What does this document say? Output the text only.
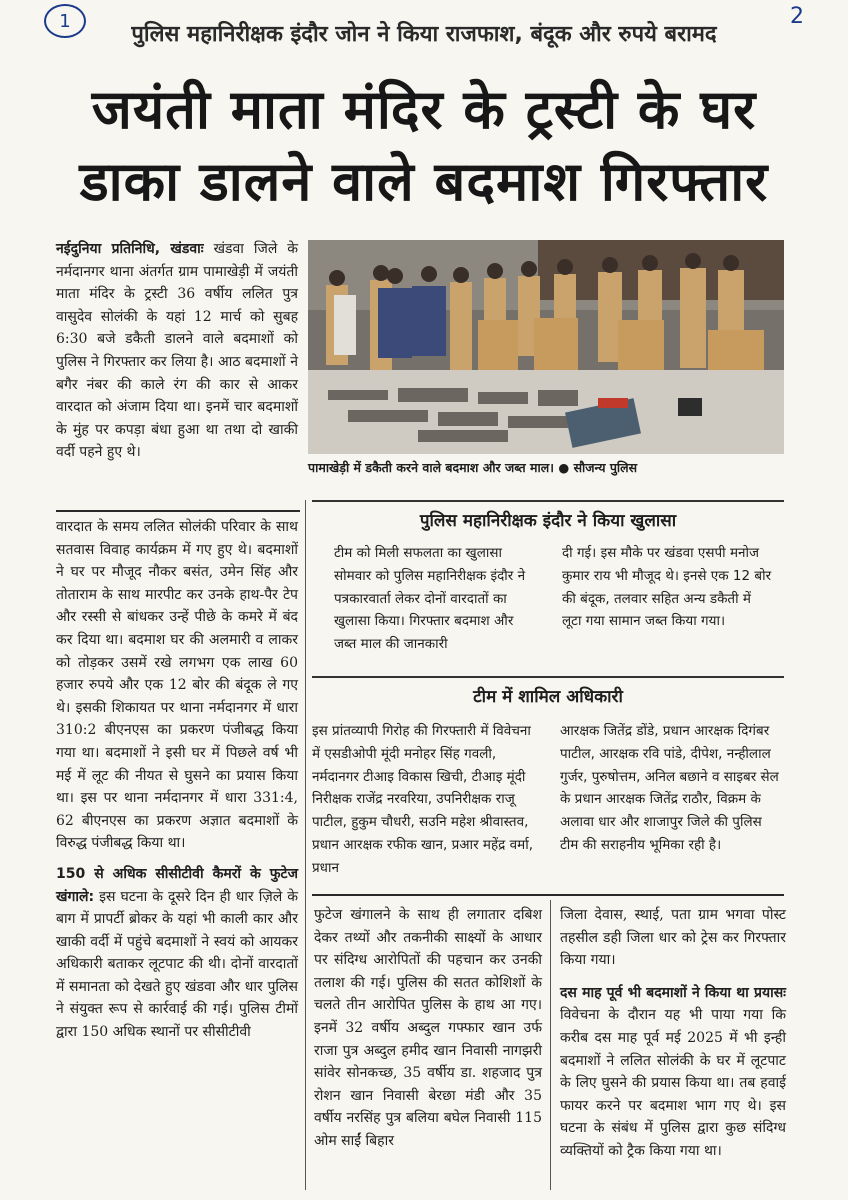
1	2
पुलिस महानिरीक्षक इंदौर जोन ने किया राजफाश, बंदूक और रुपये बरामद
जयंती माता मंदिर के ट्रस्टी के घर
डाका डालने वाले बदमाश गिरफ्तार
नईदुनिया प्रतिनिधि, खंडवाः खंडवा जिले के नर्मदानगर थाना अंतर्गत ग्राम पामाखेड़ी में जयंती माता मंदिर के ट्रस्टी 36 वर्षीय ललित पुत्र वासुदेव सोलंकी के यहां 12 मार्च को सुबह 6:30 बजे डकैती डालने वाले बदमाशों को पुलिस ने गिरफ्तार कर लिया है। आठ बदमाशों ने बगैर नंबर की काले रंग की कार से आकर वारदात को अंजाम दिया था। इनमें चार बदमाशों के मुंह पर कपड़ा बंधा हुआ था तथा दो खाकी वर्दी पहने हुए थे।
पामाखेड़ी में डकैती करने वाले बदमाश और जब्त माल। ● सौजन्य पुलिस
वारदात के समय ललित सोलंकी परिवार के साथ सतवास विवाह कार्यक्रम में गए हुए थे। बदमाशों ने घर पर मौजूद नौकर बसंत, उमेन सिंह और तोताराम के साथ मारपीट कर उनके हाथ-पैर टेप और रस्सी से बांधकर उन्हें पीछे के कमरे में बंद कर दिया था। बदमाश घर की अलमारी व लाकर को तोड़कर उसमें रखे लगभग एक लाख 60 हजार रुपये और एक 12 बोर की बंदूक ले गए थे। इसकी शिकायत पर थाना नर्मदानगर में धारा 310:2 बीएनएस का प्रकरण पंजीबद्ध किया गया था। बदमाशों ने इसी घर में पिछले वर्ष भी मई में लूट की नीयत से घुसने का प्रयास किया था। इस पर थाना नर्मदानगर में धारा 331:4, 62 बीएनएस का प्रकरण अज्ञात बदमाशों के विरुद्ध पंजीबद्ध किया था।
150 से अधिक सीसीटीवी कैमरों के फुटेज खंगाले: इस घटना के दूसरे दिन ही धार ज़िले के बाग में प्रापर्टी ब्रोकर के यहां भी काली कार और खाकी वर्दी में पहुंचे बदमाशों ने स्वयं को आयकर अधिकारी बताकर लूटपाट की थी। दोनों वारदातों में समानता को देखते हुए खंडवा और धार पुलिस ने संयुक्त रूप से कार्रवाई की गई। पुलिस टीमों द्वारा 150 अधिक स्थानों पर सीसीटीवी
पुलिस महानिरीक्षक इंदौर ने किया खुलासा
टीम को मिली सफलता का खुलासा सोमवार को पुलिस महानिरीक्षक इंदौर ने पत्रकारवार्ता लेकर दोनों वारदातों का खुलासा किया। गिरफ्तार बदमाश और जब्त माल की जानकारी
दी गई। इस मौके पर खंडवा एसपी मनोज कुमार राय भी मौजूद थे। इनसे एक 12 बोर की बंदूक, तलवार सहित अन्य डकैती में लूटा गया सामान जब्त किया गया।
टीम में शामिल अधिकारी
इस प्रांतव्यापी गिरोह की गिरफ्तारी में विवेचना में एसडीओपी मूंदी मनोहर सिंह गवली, नर्मदानगर टीआइ विकास खिची, टीआइ मूंदी निरीक्षक राजेंद्र नरवरिया, उपनिरीक्षक राजू पाटील, हुकुम चौधरी, सउनि महेश श्रीवास्तव, प्रधान आरक्षक रफीक खान, प्रआर महेंद्र वर्मा, प्रधान
आरक्षक जितेंद्र डोंडे, प्रधान आरक्षक दिगंबर पाटील, आरक्षक रवि पांडे, दीपेश, नन्हीलाल गुर्जर, पुरुषोत्तम, अनिल बछाने व साइबर सेल के प्रधान आरक्षक जितेंद्र राठौर, विक्रम के अलावा धार और शाजापुर जिले की पुलिस टीम की सराहनीय भूमिका रही है।
फुटेज खंगालने के साथ ही लगातार दबिश देकर तथ्यों और तकनीकी साक्ष्यों के आधार पर संदिग्ध आरोपितों की पहचान कर उनकी तलाश की गई। पुलिस की सतत कोशिशों के चलते तीन आरोपित पुलिस के हाथ आ गए। इनमें 32 वर्षीय अब्दुल गफ्फार खान उर्फ राजा पुत्र अब्दुल हमीद खान निवासी नागझरी सांवेर सोनकच्छ, 35 वर्षीय डा. शहजाद पुत्र रोशन खान निवासी बेरछा मंडी और 35 वर्षीय नरसिंह पुत्र बलिया बघेल निवासी 115 ओम साईं बिहार
जिला देवास, स्थाई, पता ग्राम भगवा पोस्ट तहसील डही जिला धार को ट्रेस कर गिरफ्तार किया गया।
दस माह पूर्व भी बदमाशों ने किया था प्रयासः विवेचना के दौरान यह भी पाया गया कि करीब दस माह पूर्व मई 2025 में भी इन्ही बदमाशों ने ललित सोलंकी के घर में लूटपाट के लिए घुसने की प्रयास किया था। तब हवाई फायर करने पर बदमाश भाग गए थे। इस घटना के संबंध में पुलिस द्वारा कुछ संदिग्ध व्यक्तियों को ट्रैक किया गया था।
